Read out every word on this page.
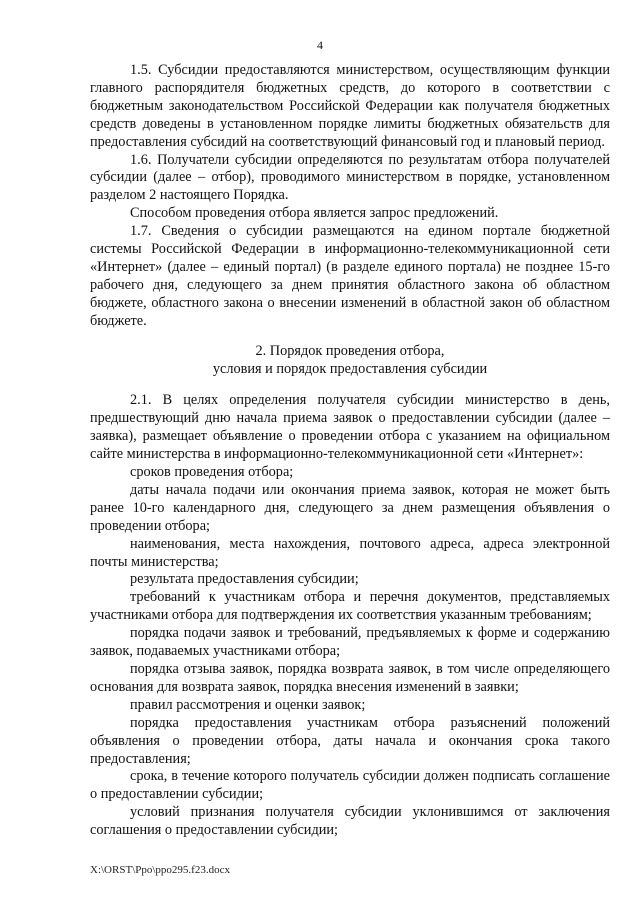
4

1.5. Субсидии предоставляются министерством, осуществляющим функции главного распорядителя бюджетных средств, до которого в соответствии с бюджетным законодательством Российской Федерации как получателя бюджетных средств доведены в установленном порядке лимиты бюджетных обязательств для предоставления субсидий на соответствующий финансовый год и плановый период.

1.6. Получатели субсидии определяются по результатам отбора получателей субсидии (далее – отбор), проводимого министерством в порядке, установленном разделом 2 настоящего Порядка.

Способом проведения отбора является запрос предложений.

1.7. Сведения о субсидии размещаются на едином портале бюджетной системы Российской Федерации в информационно-телекоммуникационной сети «Интернет» (далее – единый портал) (в разделе единого портала) не позднее 15-го рабочего дня, следующего за днем принятия областного закона об областном бюджете, областного закона о внесении изменений в областной закон об областном бюджете.

2. Порядок проведения отбора,
условия и порядок предоставления субсидии

2.1. В целях определения получателя субсидии министерство в день, предшествующий дню начала приема заявок о предоставлении субсидии (далее – заявка), размещает объявление о проведении отбора с указанием на официальном сайте министерства в информационно-телекоммуникационной сети «Интернет»:

сроков проведения отбора;

даты начала подачи или окончания приема заявок, которая не может быть ранее 10-го календарного дня, следующего за днем размещения объявления о проведении отбора;

наименования, места нахождения, почтового адреса, адреса электронной почты министерства;

результата предоставления субсидии;

требований к участникам отбора и перечня документов, представляемых участниками отбора для подтверждения их соответствия указанным требованиям;

порядка подачи заявок и требований, предъявляемых к форме и содержанию заявок, подаваемых участниками отбора;

порядка отзыва заявок, порядка возврата заявок, в том числе определяющего основания для возврата заявок, порядка внесения изменений в заявки;

правил рассмотрения и оценки заявок;

порядка предоставления участникам отбора разъяснений положений объявления о проведении отбора, даты начала и окончания срока такого предоставления;

срока, в течение которого получатель субсидии должен подписать соглашение о предоставлении субсидии;

условий признания получателя субсидии уклонившимся от заключения соглашения о предоставлении субсидии;

X:\ORST\Ppo\ppo295.f23.docx
